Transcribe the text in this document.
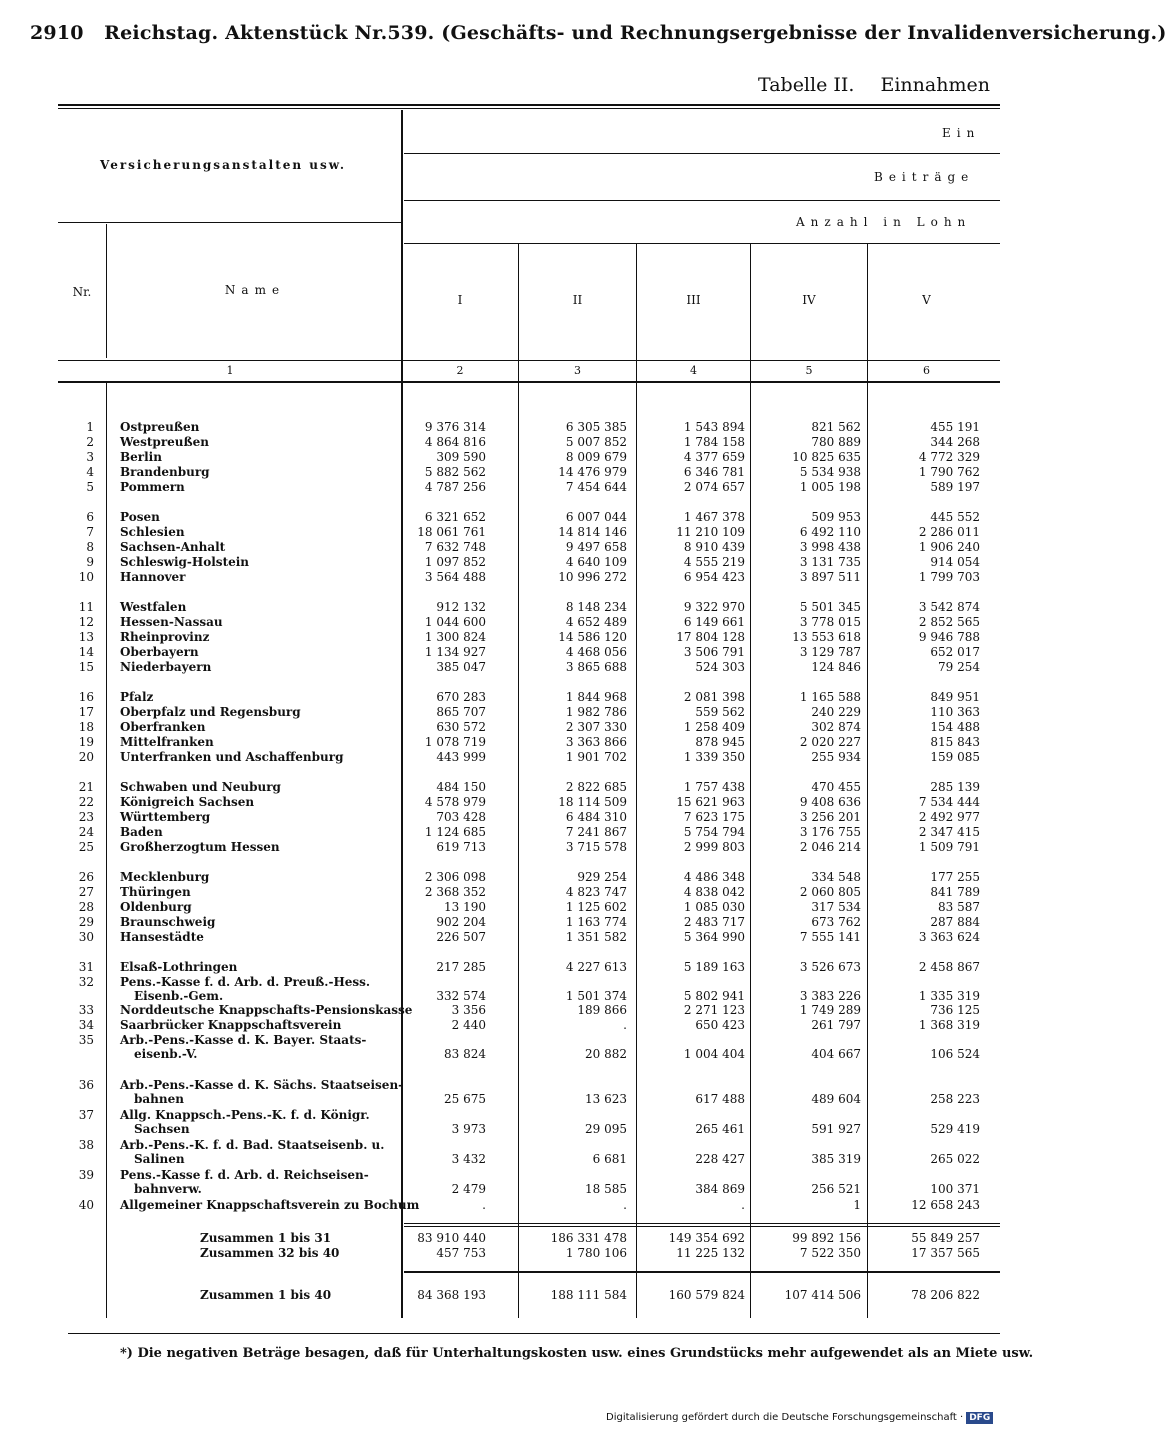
2910 Reichstag. Aktenstück Nr.539. (Geschäfts- und Rechnungsergebnisse der Invalidenversicherung.)
Tabelle II. Einnahmen
Versicherungsanstalten usw.
Ein
Beiträge
Anzahl in Lohn
Nr.	Name
I	II	III	IV	V
1	2	3	4	5	6
1 Ostpreußen	9 376 314	6 305 385	1 543 894	821 562	455 191
2 Westpreußen	4 864 816	5 007 852	1 784 158	780 889	344 268
3 Berlin	309 590	8 009 679	4 377 659	10 825 635	4 772 329
4 Brandenburg	5 882 562	14 476 979	6 346 781	5 534 938	1 790 762
5 Pommern	4 787 256	7 454 644	2 074 657	1 005 198	589 197
6 Posen	6 321 652	6 007 044	1 467 378	509 953	445 552
7 Schlesien	18 061 761	14 814 146	11 210 109	6 492 110	2 286 011
8 Sachsen-Anhalt	7 632 748	9 497 658	8 910 439	3 998 438	1 906 240
9 Schleswig-Holstein	1 097 852	4 640 109	4 555 219	3 131 735	914 054
10 Hannover	3 564 488	10 996 272	6 954 423	3 897 511	1 799 703
11 Westfalen	912 132	8 148 234	9 322 970	5 501 345	3 542 874
12 Hessen-Nassau	1 044 600	4 652 489	6 149 661	3 778 015	2 852 565
13 Rheinprovinz	1 300 824	14 586 120	17 804 128	13 553 618	9 946 788
14 Oberbayern	1 134 927	4 468 056	3 506 791	3 129 787	652 017
15 Niederbayern	385 047	3 865 688	524 303	124 846	79 254
16 Pfalz	670 283	1 844 968	2 081 398	1 165 588	849 951
17 Oberpfalz und Regensburg	865 707	1 982 786	559 562	240 229	110 363
18 Oberfranken	630 572	2 307 330	1 258 409	302 874	154 488
19 Mittelfranken	1 078 719	3 363 866	878 945	2 020 227	815 843
20 Unterfranken und Aschaffenburg	443 999	1 901 702	1 339 350	255 934	159 085
21 Schwaben und Neuburg	484 150	2 822 685	1 757 438	470 455	285 139
22 Königreich Sachsen	4 578 979	18 114 509	15 621 963	9 408 636	7 534 444
23 Württemberg	703 428	6 484 310	7 623 175	3 256 201	2 492 977
24 Baden	1 124 685	7 241 867	5 754 794	3 176 755	2 347 415
25 Großherzogtum Hessen	619 713	3 715 578	2 999 803	2 046 214	1 509 791
26 Mecklenburg	2 306 098	929 254	4 486 348	334 548	177 255
27 Thüringen	2 368 352	4 823 747	4 838 042	2 060 805	841 789
28 Oldenburg	13 190	1 125 602	1 085 030	317 534	83 587
29 Braunschweig	902 204	1 163 774	2 483 717	673 762	287 884
30 Hansestädte	226 507	1 351 582	5 364 990	7 555 141	3 363 624
31 Elsaß-Lothringen	217 285	4 227 613	5 189 163	3 526 673	2 458 867
32 Pens.-Kasse f. d. Arb. d. Preuß.-Hess.
Eisenb.-Gem.	332 574	1 501 374	5 802 941	3 383 226	1 335 319
33 Norddeutsche Knappschafts-Pensionskasse	3 356	189 866	2 271 123	1 749 289	736 125
34 Saarbrücker Knappschaftsverein	2 440	.	650 423	261 797	1 368 319
35 Arb.-Pens.-Kasse d. K. Bayer. Staats-
eisenb.-V.	83 824	20 882	1 004 404	404 667	106 524
36 Arb.-Pens.-Kasse d. K. Sächs. Staatseisen-
bahnen	25 675	13 623	617 488	489 604	258 223
37 Allg. Knappsch.-Pens.-K. f. d. Königr.
Sachsen	3 973	29 095	265 461	591 927	529 419
38 Arb.-Pens.-K. f. d. Bad. Staatseisenb. u.
Salinen	3 432	6 681	228 427	385 319	265 022
39 Pens.-Kasse f. d. Arb. d. Reichseisen-
bahnverw.	2 479	18 585	384 869	256 521	100 371
40 Allgemeiner Knappschaftsverein zu Bochum	.	.	.	1	12 658 243
Zusammen 1 bis 31	83 910 440	186 331 478	149 354 692	99 892 156	55 849 257
Zusammen 32 bis 40	457 753	1 780 106	11 225 132	7 522 350	17 357 565
Zusammen 1 bis 40	84 368 193	188 111 584	160 579 824	107 414 506	78 206 822
*) Die negativen Beträge besagen, daß für Unterhaltungskosten usw. eines Grundstücks mehr aufgewendet als an Miete usw.
Digitalisierung gefördert durch die Deutsche Forschungsgemeinschaft · DFG
